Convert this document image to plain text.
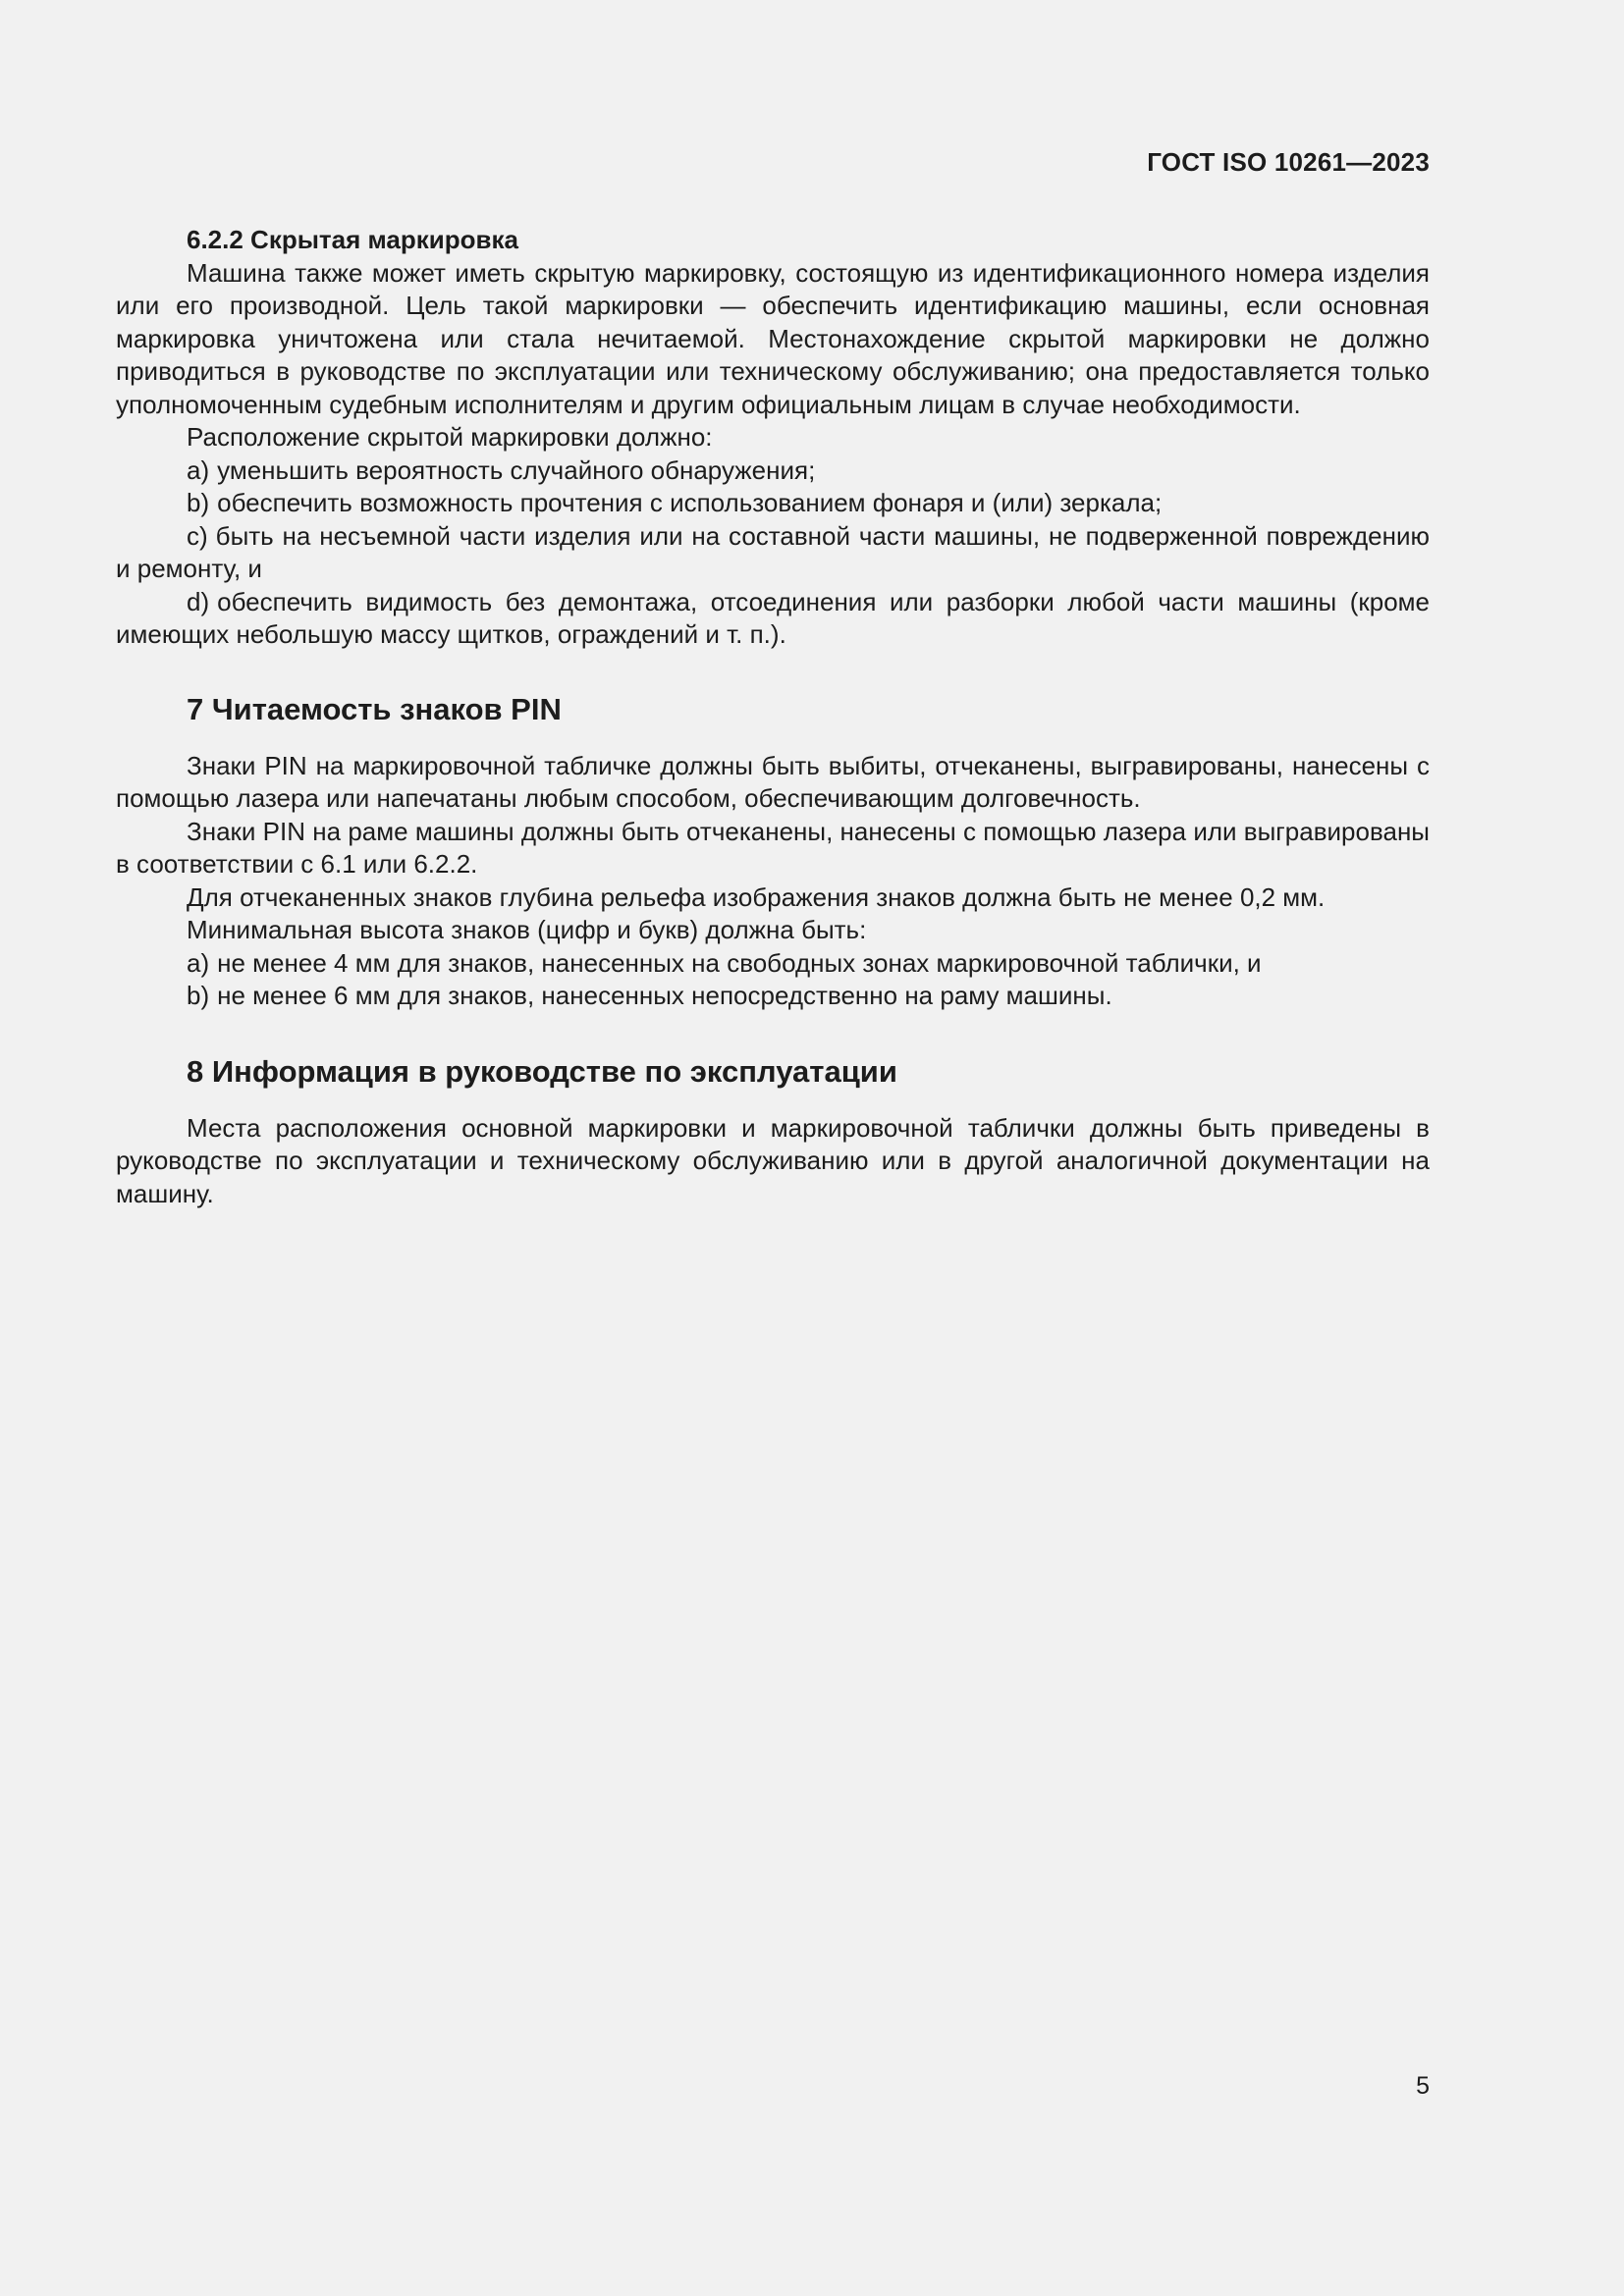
ГОСТ ISO 10261—2023
6.2.2 Скрытая маркировка

Машина также может иметь скрытую маркировку, состоящую из идентификационного номера изделия или его производной. Цель такой маркировки — обеспечить идентификацию машины, если основная маркировка уничтожена или стала нечитаемой. Местонахождение скрытой маркировки не должно приводиться в руководстве по эксплуатации или техническому обслуживанию; она предоставляется только уполномоченным судебным исполнителям и другим официальным лицам в случае необходимости.

Расположение скрытой маркировки должно:

a) уменьшить вероятность случайного обнаружения;

b) обеспечить возможность прочтения с использованием фонаря и (или) зеркала;

c) быть на несъемной части изделия или на составной части машины, не подверженной повреждению и ремонту, и

d) обеспечить видимость без демонтажа, отсоединения или разборки любой части машины (кроме имеющих небольшую массу щитков, ограждений и т. п.).

7 Читаемость знаков PIN

Знаки PIN на маркировочной табличке должны быть выбиты, отчеканены, выгравированы, нанесены с помощью лазера или напечатаны любым способом, обеспечивающим долговечность.

Знаки PIN на раме машины должны быть отчеканены, нанесены с помощью лазера или выгравированы в соответствии с 6.1 или 6.2.2.

Для отчеканенных знаков глубина рельефа изображения знаков должна быть не менее 0,2 мм.

Минимальная высота знаков (цифр и букв) должна быть:

a) не менее 4 мм для знаков, нанесенных на свободных зонах маркировочной таблички, и

b) не менее 6 мм для знаков, нанесенных непосредственно на раму машины.

8 Информация в руководстве по эксплуатации

Места расположения основной маркировки и маркировочной таблички должны быть приведены в руководстве по эксплуатации и техническому обслуживанию или в другой аналогичной документации на машину.

5
